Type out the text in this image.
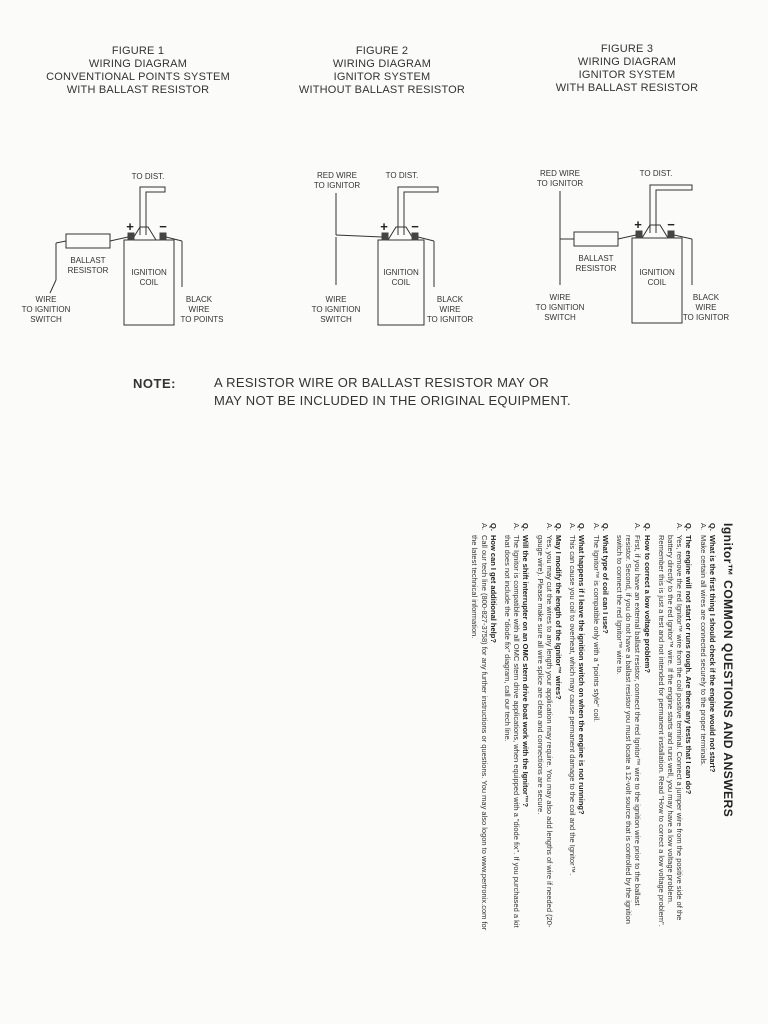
FIGURE 1
WIRING DIAGRAM
CONVENTIONAL POINTS SYSTEM
WITH BALLAST RESISTOR
FIGURE 2
WIRING DIAGRAM
IGNITOR SYSTEM
WITHOUT BALLAST RESISTOR
FIGURE 3
WIRING DIAGRAM
IGNITOR SYSTEM
WITH BALLAST RESISTOR
TO DIST.
+ −
IGNITION
COIL
BALLAST
RESISTOR
WIRE
TO IGNITION
SWITCH
BLACK
WIRE
TO POINTS
RED WIRE
TO IGNITOR
TO DIST.
+ −
IGNITION
COIL
WIRE
TO IGNITION
SWITCH
BLACK
WIRE
TO IGNITOR
RED WIRE
TO IGNITOR
TO DIST.
+ −
IGNITION
COIL
BALLAST
RESISTOR
WIRE
TO IGNITION
SWITCH
BLACK
WIRE
TO IGNITOR
NOTE:	A RESISTOR WIRE OR BALLAST RESISTOR MAY OR
MAY NOT BE INCLUDED IN THE ORIGINAL EQUIPMENT.
Ignitor™ COMMON QUESTIONS AND ANSWERS
Q.
What is the first thing I should check if the engine would not start?
A.
Make certain all wires are connected securely to the proper terminals.
Q.
The engine will not start or runs rough. Are there any tests that I can do?
A.
Yes, remove the red Ignitor™ wire from the coil positive terminal. Connect a jumper wire from the positive side of the battery directly to the red Ignitor™ wire. If the engine starts and runs well, you may have a low voltage problem. Remember this is just a test and not intended for permanent installation. Read "How to correct a low voltage problem".
Q.
How to correct a low voltage problem?
A.
First, if you have an external ballast resistor, connect the red Ignitor™ wire to the ignition wire prior to the ballast resistor. Second, if you do not have a ballast resistor you must locate a 12-volt source that is controlled by the ignition switch to connect the red Ignitor™ wire to.
Q.
What type of coil can I use?
A.
The Ignitor™ is compatible only with a "points style" coil.
Q.
What happens if I leave the ignition switch on when the engine is not running?
A.
This can cause you coil to overheat, which may cause permanent damage to the coil and the Ignitor™.
Q.
May I modify the length of the Ignitor™ wires?
A.
Yes, you may cut the wires to any length your application may require. You may also add lengths of wire if needed (20-gauge wire). Please make sure all wire splice are clean and connections are secure.
Q.
Will the shift interrupter on an OMC stern drive boat work with the Ignitor™?
A.
The Ignitor is compatible with all OMC stern drive applications, when equipped with a "diode fix". If you purchased a kit that does not include the "diode fix" diagram, call our tech line.
Q.
How can I get additional help?
A.
Call our tech line (800-827-3758) for any further instructions or questions. You may also logon to www.pertronix.com for the latest technical information.
